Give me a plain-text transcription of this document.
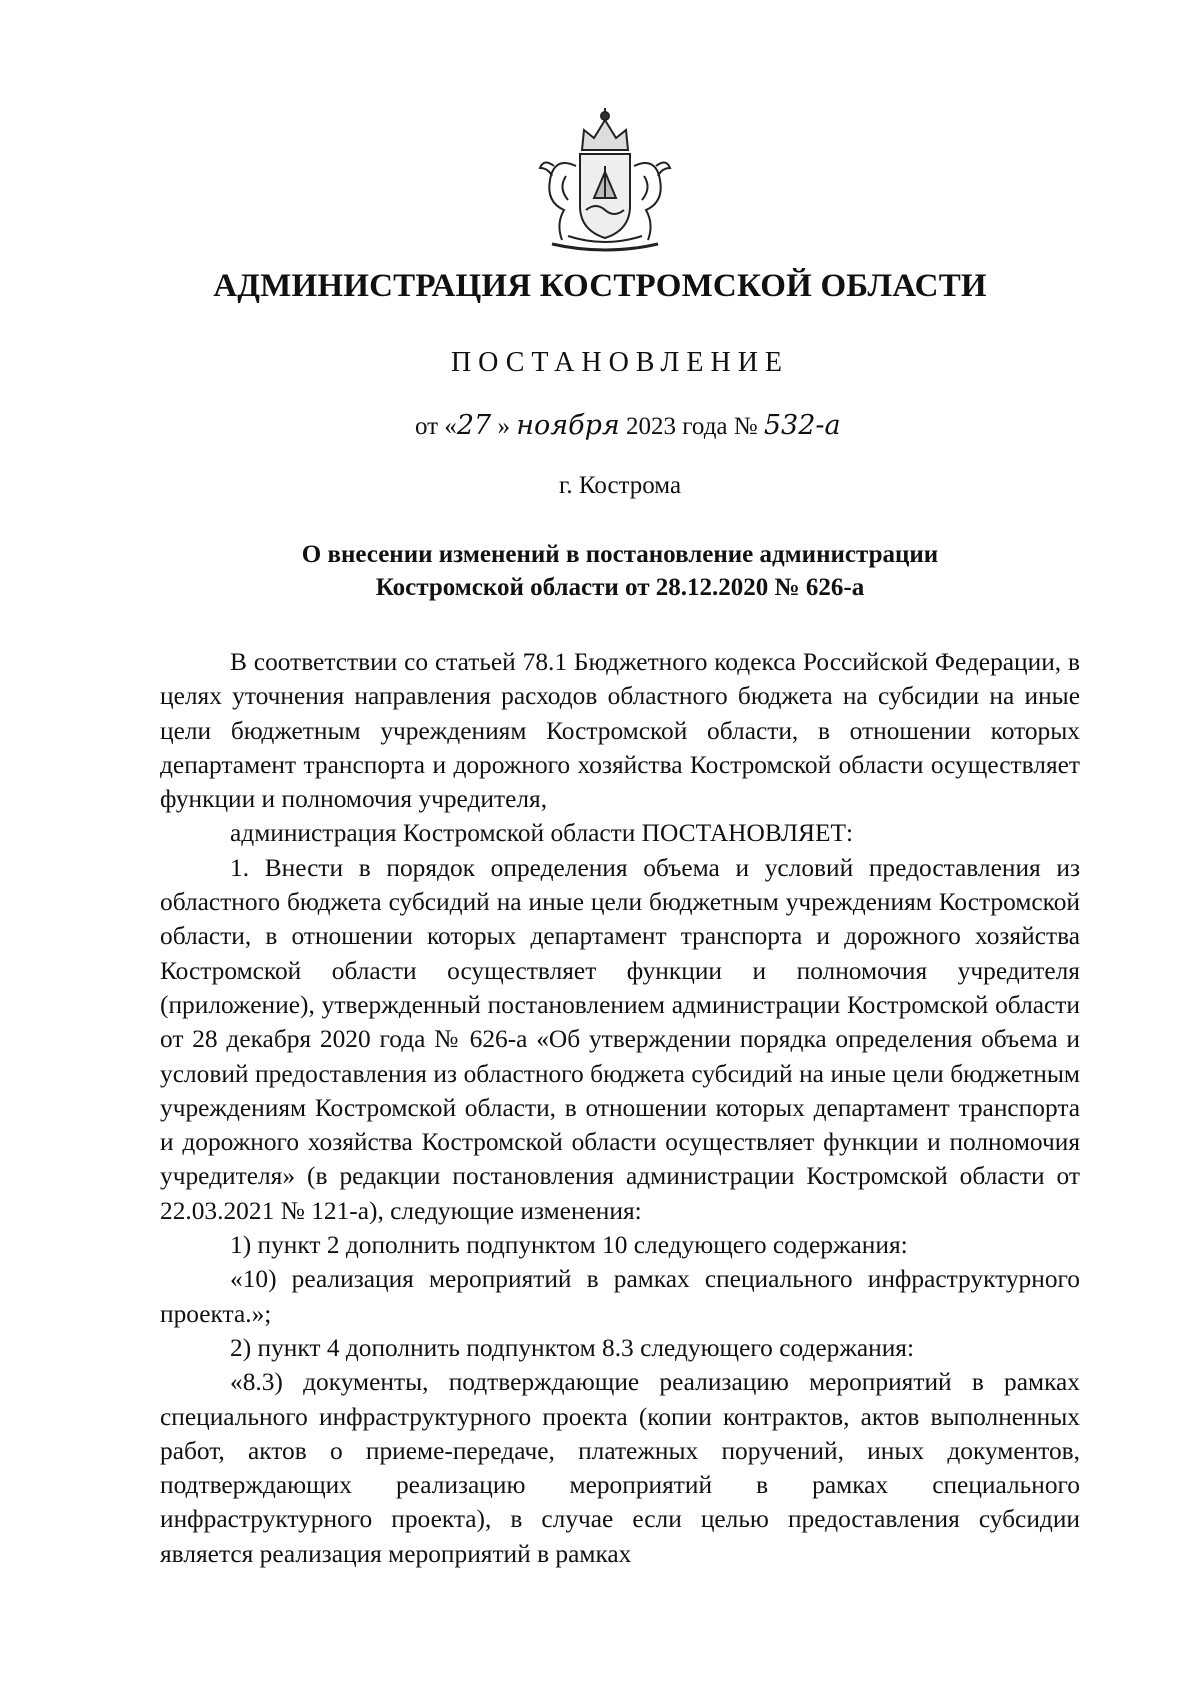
АДМИНИСТРАЦИЯ КОСТРОМСКОЙ ОБЛАСТИ
ПОСТАНОВЛЕНИЕ
от «27 » ноября 2023 года № 532-а
г. Кострома
О внесении изменений в постановление администрации
Костромской области от 28.12.2020 № 626-а

В соответствии со статьей 78.1 Бюджетного кодекса Российской Федерации, в целях уточнения направления расходов областного бюджета на субсидии на иные цели бюджетным учреждениям Костромской области, в отношении которых департамент транспорта и дорожного хозяйства Костромской области осуществляет функции и полномочия учредителя,

администрация Костромской области ПОСТАНОВЛЯЕТ:

1. Внести в порядок определения объема и условий предоставления из областного бюджета субсидий на иные цели бюджетным учреждениям Костромской области, в отношении которых департамент транспорта и дорожного хозяйства Костромской области осуществляет функции и полномочия учредителя (приложение), утвержденный постановлением администрации Костромской области от 28 декабря 2020 года № 626-а «Об утверждении порядка определения объема и условий предоставления из областного бюджета субсидий на иные цели бюджетным учреждениям Костромской области, в отношении которых департамент транспорта и дорожного хозяйства Костромской области осуществляет функции и полномочия учредителя» (в редакции постановления администрации Костромской области от 22.03.2021 № 121-а), следующие изменения:

1) пункт 2 дополнить подпунктом 10 следующего содержания:

«10) реализация мероприятий в рамках специального инфраструктурного проекта.»;

2) пункт 4 дополнить подпунктом 8.3 следующего содержания:

«8.3) документы, подтверждающие реализацию мероприятий в рамках специального инфраструктурного проекта (копии контрактов, актов выполненных работ, актов о приеме-передаче, платежных поручений, иных документов, подтверждающих реализацию мероприятий в рамках специального инфраструктурного проекта), в случае если целью предоставления субсидии является реализация мероприятий в рамках
